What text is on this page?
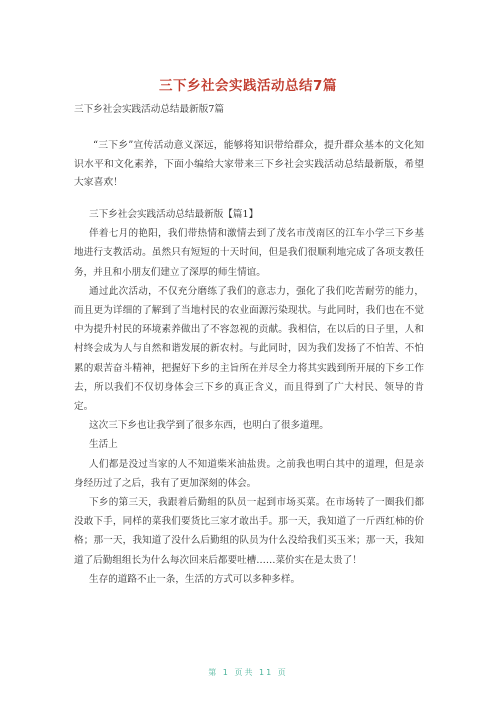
三下乡社会实践活动总结7篇
三下乡社会实践活动总结最新版7篇
“三下乡”宣传活动意义深远，能够将知识带给群众，提升群众基本的文化知识水平和文化素养，下面小编给大家带来三下乡社会实践活动总结最新版，希望大家喜欢！

三下乡社会实践活动总结最新版【篇1】

伴着七月的艳阳，我们带热情和激情去到了茂名市茂南区的江车小学三下乡基地进行支教活动。虽然只有短短的十天时间，但是我们很顺利地完成了各项支教任务，并且和小朋友们建立了深厚的师生情谊。

通过此次活动，不仅充分磨练了我们的意志力，强化了我们吃苦耐劳的能力，而且更为详细的了解到了当地村民的农业面源污染现状。与此同时，我们也在不觉中为提升村民的环境素养做出了不容忽视的贡献。我相信，在以后的日子里，人和村终会成为人与自然和谐发展的新农村。与此同时，因为我们发扬了不怕苦、不怕累的艰苦奋斗精神，把握好下乡的主旨所在并尽全力将其实践到所开展的下乡工作去，所以我们不仅切身体会三下乡的真正含义，而且得到了广大村民、领导的肯定。

这次三下乡也让我学到了很多东西，也明白了很多道理。

生活上

人们都是没过当家的人不知道柴米油盐贵。之前我也明白其中的道理，但是亲身经历过了之后，我有了更加深刻的体会。

下乡的第三天，我跟着后勤组的队员一起到市场买菜。在市场转了一圈我们都没敢下手，同样的菜我们要货比三家才敢出手。那一天，我知道了一斤西红柿的价格；那一天，我知道了没什么后勤组的队员为什么没给我们买玉米；那一天，我知道了后勤组组长为什么每次回来后都要吐槽……菜价实在是太贵了！

生存的道路不止一条，生活的方式可以多种多样。

第 1 页共 11 页
